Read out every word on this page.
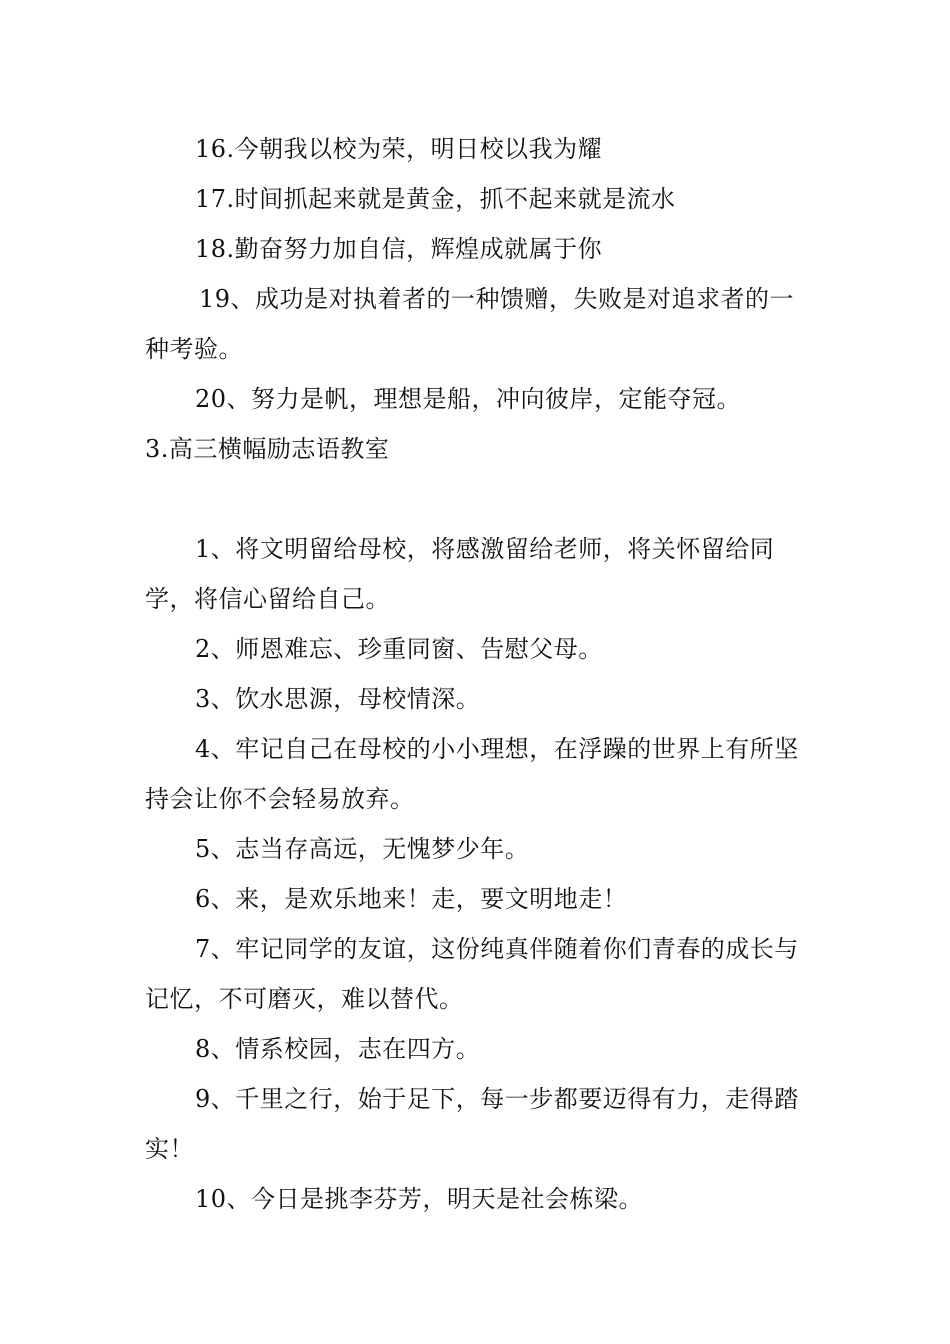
16.今朝我以校为荣，明日校以我为耀

17.时间抓起来就是黄金，抓不起来就是流水

18.勤奋努力加自信，辉煌成就属于你

19、成功是对执着者的一种馈赠，失败是对追求者的一种考验。

20、努力是帆，理想是船，冲向彼岸，定能夺冠。

3.高三横幅励志语教室

1、将文明留给母校，将感激留给老师，将关怀留给同学，将信心留给自己。

2、师恩难忘、珍重同窗、告慰父母。

3、饮水思源，母校情深。

4、牢记自己在母校的小小理想，在浮躁的世界上有所坚持会让你不会轻易放弃。

5、志当存高远，无愧梦少年。

6、来，是欢乐地来！走，要文明地走！

7、牢记同学的友谊，这份纯真伴随着你们青春的成长与记忆，不可磨灭，难以替代。

8、情系校园，志在四方。

9、千里之行，始于足下，每一步都要迈得有力，走得踏实！

10、今日是挑李芬芳，明天是社会栋梁。
